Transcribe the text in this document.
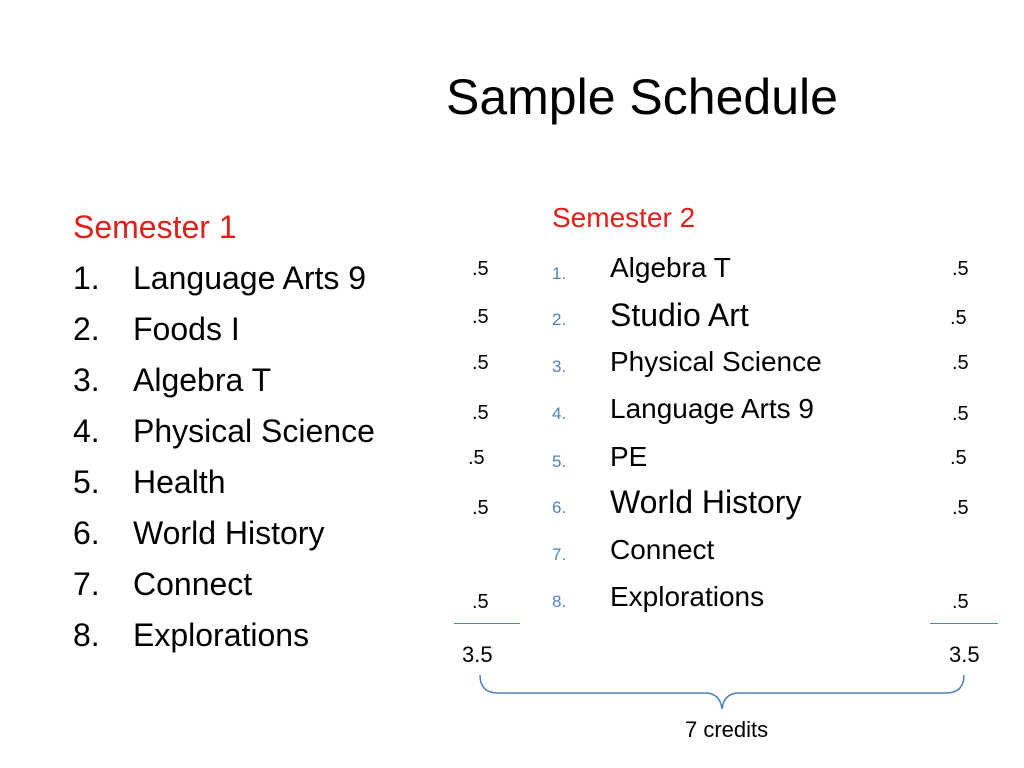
Sample Schedule
Semester 1
1. Language Arts 9
2. Foods I
3. Algebra T
4. Physical Science
5. Health
6. World History
7. Connect
8. Explorations
.5
.5
.5
.5
.5
.5
.5
3.5
Semester 2
1. Algebra T
2. Studio Art
3. Physical Science
4. Language Arts 9
5. PE
6. World History
7. Connect
8. Explorations
.5
.5
.5
.5
.5
.5
.5
3.5
7 credits
